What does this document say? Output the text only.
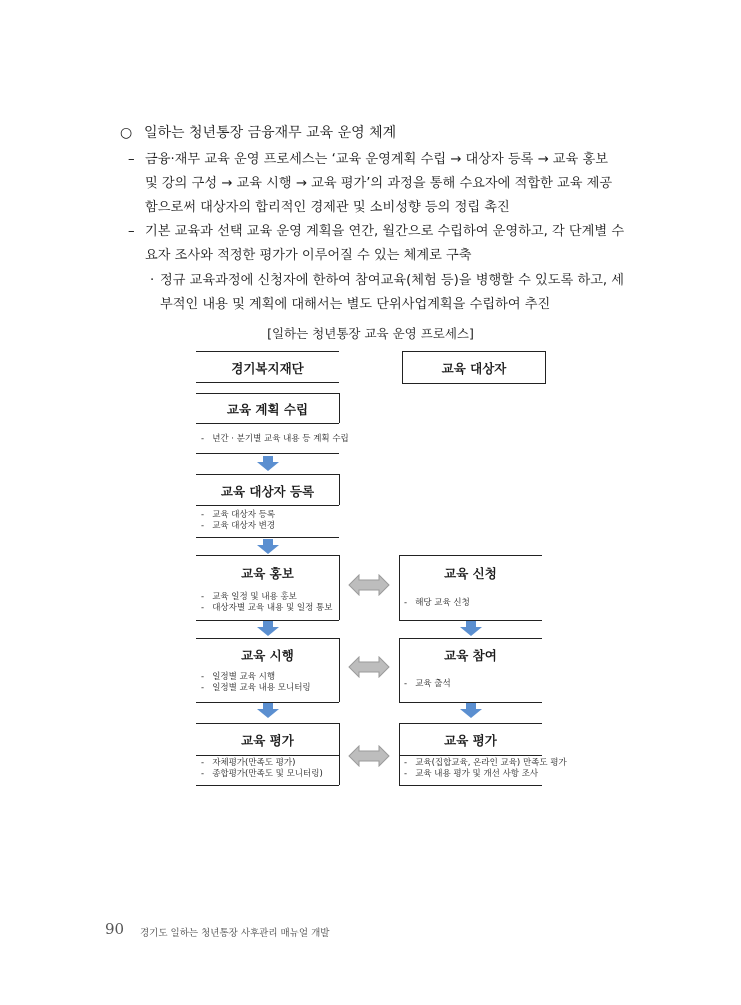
○ 일하는 청년통장 금융재무 교육 운영 체계
– 금융·재무 교육 운영 프로세스는 ‘교육 운영계획 수립 → 대상자 등록 → 교육 홍보
및 강의 구성 → 교육 시행 → 교육 평가’의 과정을 통해 수요자에 적합한 교육 제공
함으로써 대상자의 합리적인 경제관 및 소비성향 등의 정립 촉진
– 기본 교육과 선택 교육 운영 계획을 연간, 월간으로 수립하여 운영하고, 각 단계별 수
요자 조사와 적정한 평가가 이루어질 수 있는 체계로 구축
· 정규 교육과정에 신청자에 한하여 참여교육(체험 등)을 병행할 수 있도록 하고, 세
부적인 내용 및 계획에 대해서는 별도 단위사업계획을 수립하여 추진
[일하는 청년통장 교육 운영 프로세스]
경기복지재단	교육 대상자
교육 계획 수립
-   년간 · 분기별 교육 내용 등 계획 수립
교육 대상자 등록
-   교육 대상자 등록
-   교육 대상자 변경
교육 홍보
-   교육 일정 및 내용 홍보
-   대상자별 교육 내용 및 일정 통보
교육 시행
-   일정별 교육 시행
-   일정별 교육 내용 모니터링
교육 평가
-   자체평가(만족도 평가)
-   종합평가(만족도 및 모니터링)
교육 신청
-   해당 교육 신청
교육 참여
-   교육 출석
교육 평가
-   교육(집합교육, 온라인 교육) 만족도 평가
-   교육 내용 평가 및 개선 사항 조사
90 경기도 일하는 청년통장 사후관리 매뉴얼 개발
